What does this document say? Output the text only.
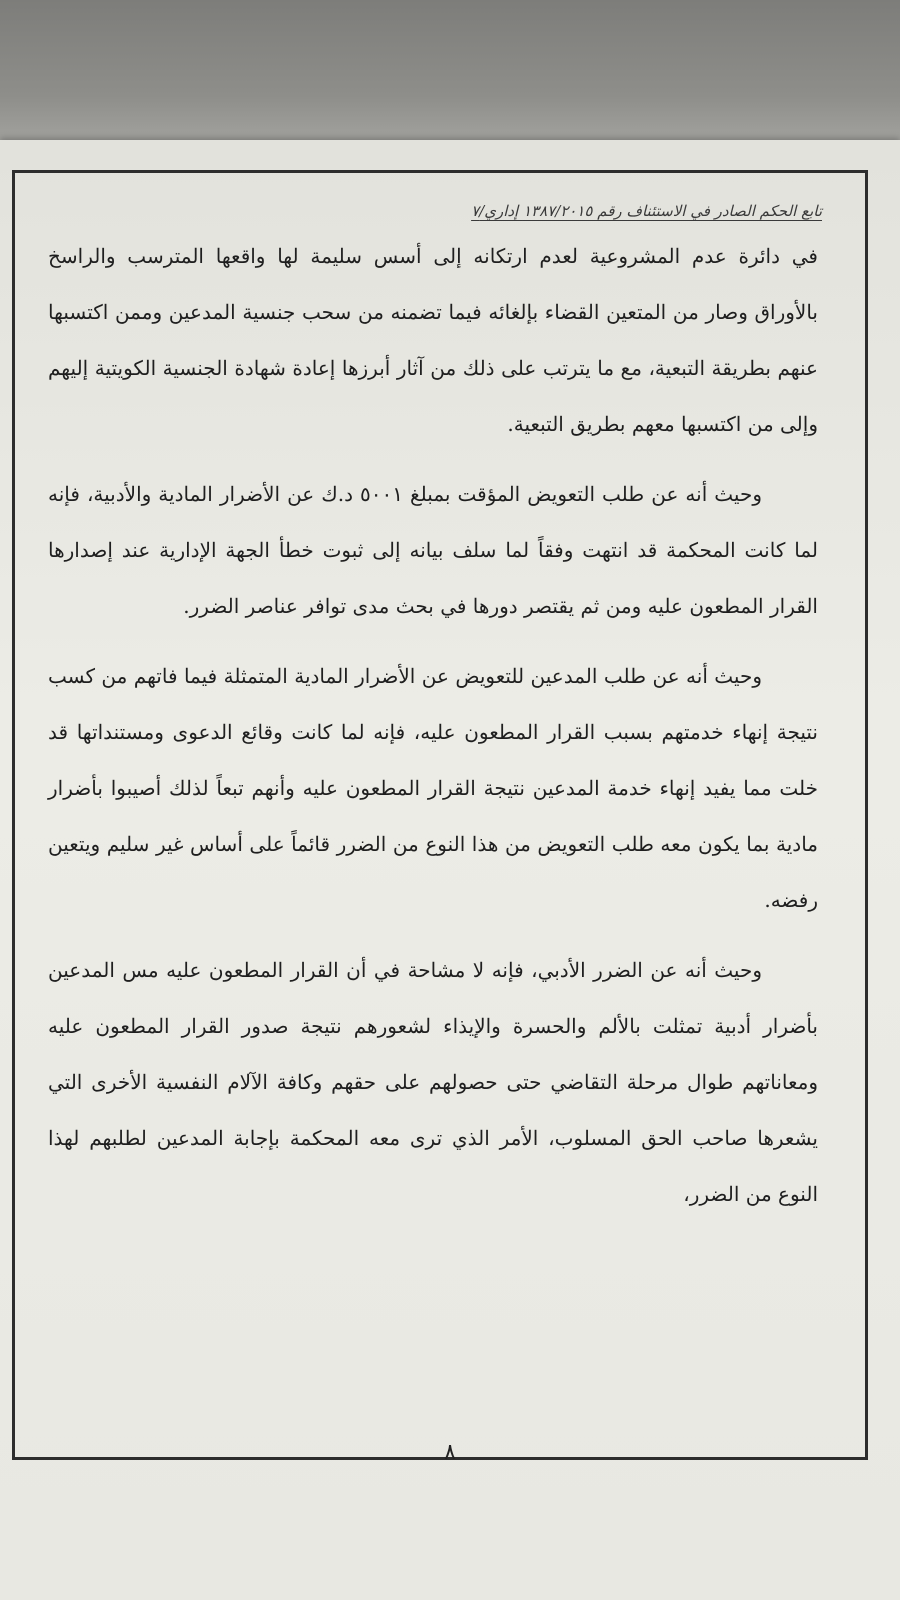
تابع الحكم الصادر في الاستئناف رقم ١٣٨٧/٢٠١٥ إداري/٧

في دائرة عدم المشروعية لعدم ارتكانه إلى أسس سليمة لها واقعها المترسب والراسخ بالأوراق وصار من المتعين القضاء بإلغائه فيما تضمنه من سحب جنسية المدعين وممن اكتسبها عنهم بطريقة التبعية، مع ما يترتب على ذلك من آثار أبرزها إعادة شهادة الجنسية الكويتية إليهم وإلى من اكتسبها معهم بطريق التبعية.

وحيث أنه عن طلب التعويض المؤقت بمبلغ ٥٠٠١ د.ك عن الأضرار المادية والأدبية، فإنه لما كانت المحكمة قد انتهت وفقاً لما سلف بيانه إلى ثبوت خطأ الجهة الإدارية عند إصدارها القرار المطعون عليه ومن ثم يقتصر دورها في بحث مدى توافر عناصر الضرر.

وحيث أنه عن طلب المدعين للتعويض عن الأضرار المادية المتمثلة فيما فاتهم من كسب نتيجة إنهاء خدمتهم بسبب القرار المطعون عليه، فإنه لما كانت وقائع الدعوى ومستنداتها قد خلت مما يفيد إنهاء خدمة المدعين نتيجة القرار المطعون عليه وأنهم تبعاً لذلك أصيبوا بأضرار مادية بما يكون معه طلب التعويض من هذا النوع من الضرر قائماً على أساس غير سليم ويتعين رفضه.

وحيث أنه عن الضرر الأدبي، فإنه لا مشاحة في أن القرار المطعون عليه مس المدعين بأضرار أدبية تمثلت بالألم والحسرة والإيذاء لشعورهم نتيجة صدور القرار المطعون عليه ومعاناتهم طوال مرحلة التقاضي حتى حصولهم على حقهم وكافة الآلام النفسية الأخرى التي يشعرها صاحب الحق المسلوب، الأمر الذي ترى معه المحكمة بإجابة المدعين لطلبهم لهذا النوع من الضرر،

٨
